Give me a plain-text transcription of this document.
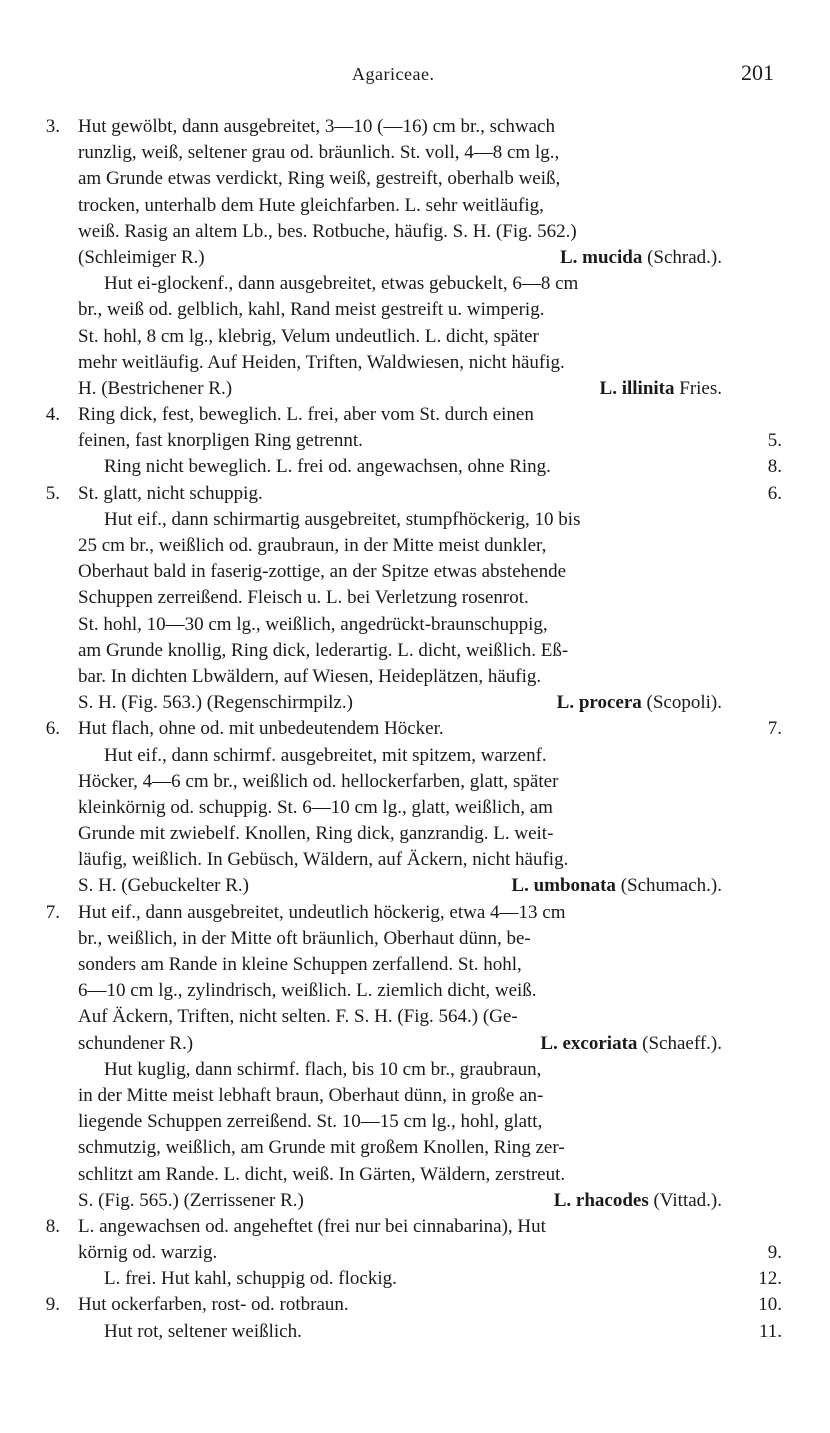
Agariceae.	201
3. Hut gewölbt, dann ausgebreitet, 3—10 (—16) cm br., schwach
runzlig, weiß, seltener grau od. bräunlich. St. voll, 4—8 cm lg.,
am Grunde etwas verdickt, Ring weiß, gestreift, oberhalb weiß,
trocken, unterhalb dem Hute gleichfarben. L. sehr weitläufig,
weiß. Rasig an altem Lb., bes. Rotbuche, häufig. S. H. (Fig. 562.)
(Schleimiger R.)	L. mucida (Schrad.).
Hut ei-glockenf., dann ausgebreitet, etwas gebuckelt, 6—8 cm
br., weiß od. gelblich, kahl, Rand meist gestreift u. wimperig.
St. hohl, 8 cm lg., klebrig, Velum undeutlich. L. dicht, später
mehr weitläufig. Auf Heiden, Triften, Waldwiesen, nicht häufig.
H. (Bestrichener R.)	L. illinita Fries.
4. Ring dick, fest, beweglich. L. frei, aber vom St. durch einen
feinen, fast knorpligen Ring getrennt.	5.
Ring nicht beweglich. L. frei od. angewachsen, ohne Ring.	8.
5. St. glatt, nicht schuppig.	6.
Hut eif., dann schirmartig ausgebreitet, stumpfhöckerig, 10 bis
25 cm br., weißlich od. graubraun, in der Mitte meist dunkler,
Oberhaut bald in faserig-zottige, an der Spitze etwas abstehende
Schuppen zerreißend. Fleisch u. L. bei Verletzung rosenrot.
St. hohl, 10—30 cm lg., weißlich, angedrückt-braunschuppig,
am Grunde knollig, Ring dick, lederartig. L. dicht, weißlich. Eß-
bar. In dichten Lbwäldern, auf Wiesen, Heideplätzen, häufig.
S. H. (Fig. 563.) (Regenschirmpilz.)	L. procera (Scopoli).
6. Hut flach, ohne od. mit unbedeutendem Höcker.	7.
Hut eif., dann schirmf. ausgebreitet, mit spitzem, warzenf.
Höcker, 4—6 cm br., weißlich od. hellockerfarben, glatt, später
kleinkörnig od. schuppig. St. 6—10 cm lg., glatt, weißlich, am
Grunde mit zwiebelf. Knollen, Ring dick, ganzrandig. L. weit-
läufig, weißlich. In Gebüsch, Wäldern, auf Äckern, nicht häufig.
S. H. (Gebuckelter R.)	L. umbonata (Schumach.).
7. Hut eif., dann ausgebreitet, undeutlich höckerig, etwa 4—13 cm
br., weißlich, in der Mitte oft bräunlich, Oberhaut dünn, be-
sonders am Rande in kleine Schuppen zerfallend. St. hohl,
6—10 cm lg., zylindrisch, weißlich. L. ziemlich dicht, weiß.
Auf Äckern, Triften, nicht selten. F. S. H. (Fig. 564.) (Ge-
schundener R.)	L. excoriata (Schaeff.).
Hut kuglig, dann schirmf. flach, bis 10 cm br., graubraun,
in der Mitte meist lebhaft braun, Oberhaut dünn, in große an-
liegende Schuppen zerreißend. St. 10—15 cm lg., hohl, glatt,
schmutzig, weißlich, am Grunde mit großem Knollen, Ring zer-
schlitzt am Rande. L. dicht, weiß. In Gärten, Wäldern, zerstreut.
S. (Fig. 565.) (Zerrissener R.)	L. rhacodes (Vittad.).
8. L. angewachsen od. angeheftet (frei nur bei cinnabarina), Hut
körnig od. warzig.	9.
L. frei. Hut kahl, schuppig od. flockig.	12.
9. Hut ockerfarben, rost- od. rotbraun.	10.
Hut rot, seltener weißlich.	11.
